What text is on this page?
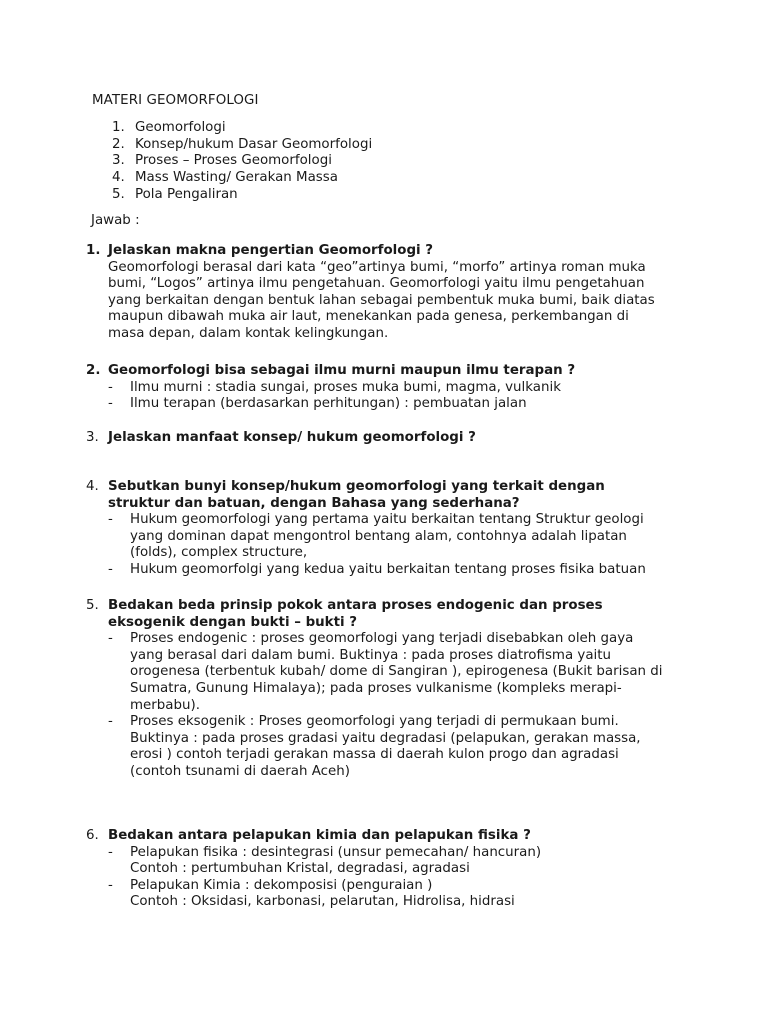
MATERI GEOMORFOLOGI
1. Geomorfologi
2. Konsep/hukum Dasar Geomorfologi
3. Proses – Proses Geomorfologi
4. Mass Wasting/ Gerakan Massa
5. Pola Pengaliran

Jawab :

1. Jelaskan makna pengertian Geomorfologi ?

Geomorfologi berasal dari kata “geo”artinya bumi, “morfo” artinya roman muka bumi, “Logos” artinya ilmu pengetahuan. Geomorfologi yaitu ilmu pengetahuan yang berkaitan dengan bentuk lahan sebagai pembentuk muka bumi, baik diatas maupun dibawah muka air laut, menekankan pada genesa, perkembangan di masa depan, dalam kontak kelingkungan.

2. Geomorfologi bisa sebagai ilmu murni maupun ilmu terapan ?

-	Ilmu murni : stadia sungai, proses muka bumi, magma, vulkanik
-	Ilmu terapan (berdasarkan perhitungan) : pembuatan jalan

3. Jelaskan manfaat konsep/ hukum geomorfologi ?

4. Sebutkan bunyi konsep/hukum geomorfologi yang terkait dengan struktur dan batuan, dengan Bahasa yang sederhana?

-	Hukum geomorfologi yang pertama yaitu berkaitan tentang Struktur geologi yang dominan dapat mengontrol bentang alam, contohnya adalah lipatan (folds), complex structure,
-	Hukum geomorfolgi yang kedua yaitu berkaitan tentang proses fisika batuan

5. Bedakan beda prinsip pokok antara proses endogenic dan proses eksogenik dengan bukti – bukti ?

-	Proses endogenic : proses geomorfologi yang terjadi disebabkan oleh gaya yang berasal dari dalam bumi. Buktinya : pada proses diatrofisma yaitu orogenesa (terbentuk kubah/ dome di Sangiran ), epirogenesa (Bukit barisan di Sumatra, Gunung Himalaya); pada proses vulkanisme (kompleks merapi-merbabu).
-	Proses eksogenik : Proses geomorfologi yang terjadi di permukaan bumi. Buktinya : pada proses gradasi yaitu degradasi (pelapukan, gerakan massa, erosi ) contoh terjadi gerakan massa di daerah kulon progo dan agradasi (contoh tsunami di daerah Aceh)

6. Bedakan antara pelapukan kimia dan pelapukan fisika ?

-	Pelapukan fisika : desintegrasi (unsur pemecahan/ hancuran)
Contoh : pertumbuhan Kristal, degradasi, agradasi
-	Pelapukan Kimia : dekomposisi (penguraian )
Contoh : Oksidasi, karbonasi, pelarutan, Hidrolisa, hidrasi
